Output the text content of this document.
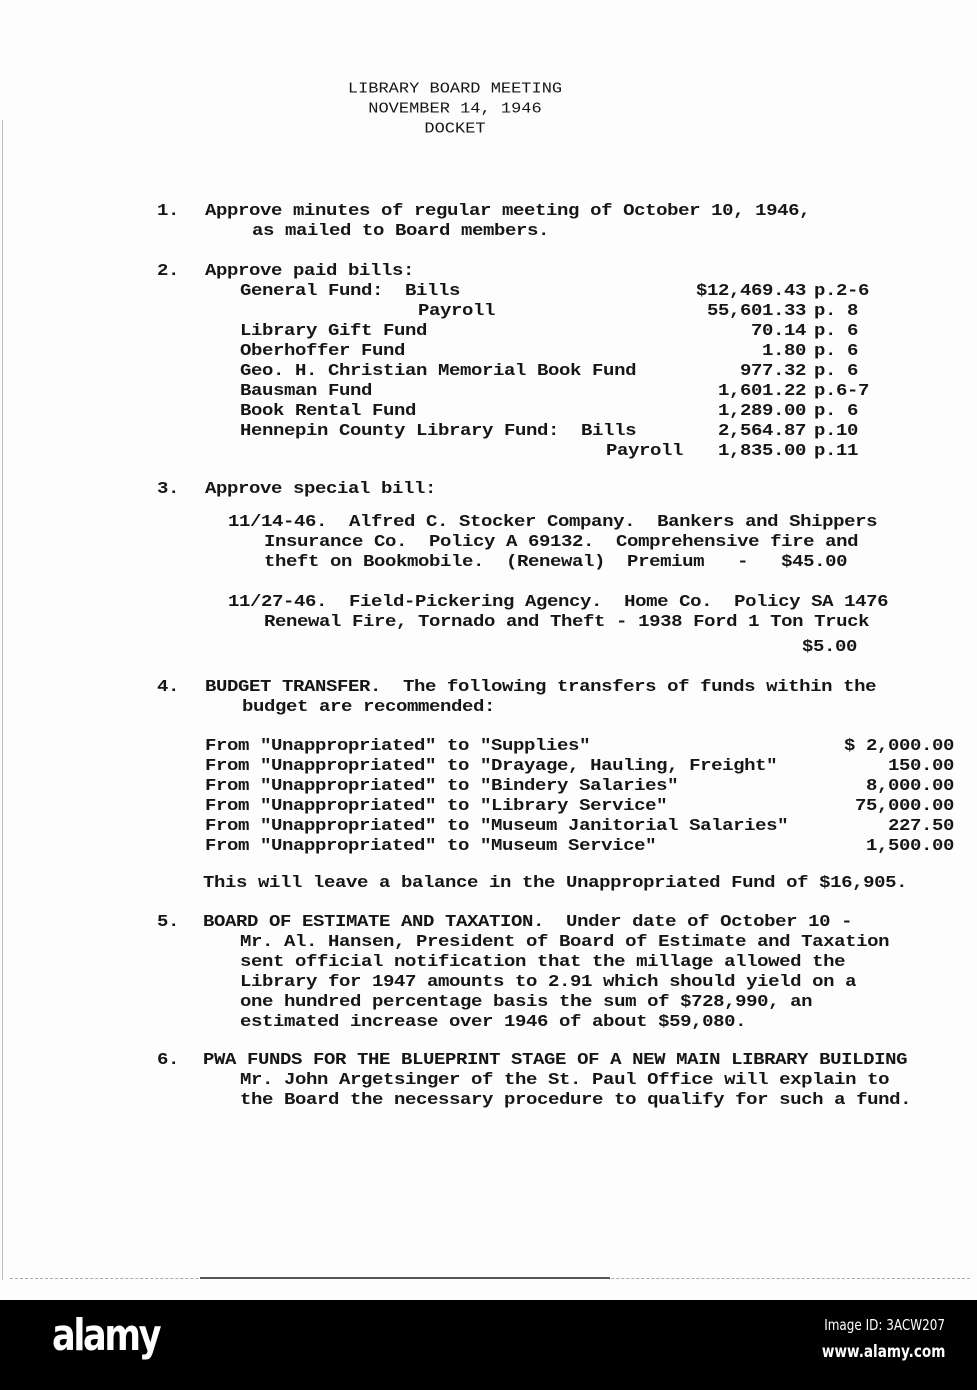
LIBRARY BOARD MEETING
NOVEMBER 14, 1946
DOCKET
1. Approve minutes of regular meeting of October 10, 1946,
as mailed to Board members.
2. Approve paid bills:
General Fund:  Bills	$12,469.43 p.2-6
Payroll	55,601.33 p. 8
Library Gift Fund	70.14 p. 6
Oberhoffer Fund	1.80 p. 6
Geo. H. Christian Memorial Book Fund	977.32 p. 6
Bausman Fund	1,601.22 p.6-7
Book Rental Fund	1,289.00 p. 6
Hennepin County Library Fund:  Bills	2,564.87 p.10
Payroll 1,835.00 p.11
3. Approve special bill:
11/14-46.  Alfred C. Stocker Company.  Bankers and Shippers
Insurance Co.  Policy A 69132.  Comprehensive fire and
theft on Bookmobile.  (Renewal)  Premium   -   $45.00
11/27-46.  Field-Pickering Agency.  Home Co.  Policy SA 1476
Renewal Fire, Tornado and Theft - 1938 Ford 1 Ton Truck
$5.00
4. BUDGET TRANSFER.  The following transfers of funds within the
budget are recommended:
From "Unappropriated" to "Supplies"	$ 2,000.00
From "Unappropriated" to "Drayage, Hauling, Freight"	150.00
From "Unappropriated" to "Bindery Salaries"	8,000.00
From "Unappropriated" to "Library Service"	75,000.00
From "Unappropriated" to "Museum Janitorial Salaries"	227.50
From "Unappropriated" to "Museum Service"	1,500.00
This will leave a balance in the Unappropriated Fund of $16,905.
5. BOARD OF ESTIMATE AND TAXATION.  Under date of October 10 -
Mr. Al. Hansen, President of Board of Estimate and Taxation
sent official notification that the millage allowed the
Library for 1947 amounts to 2.91 which should yield on a
one hundred percentage basis the sum of $728,990, an
estimated increase over 1946 of about $59,080.
6. PWA FUNDS FOR THE BLUEPRINT STAGE OF A NEW MAIN LIBRARY BUILDING
Mr. John Argetsinger of the St. Paul Office will explain to
the Board the necessary procedure to qualify for such a fund.
alamy	Image ID: 3ACW207
www.alamy.com
